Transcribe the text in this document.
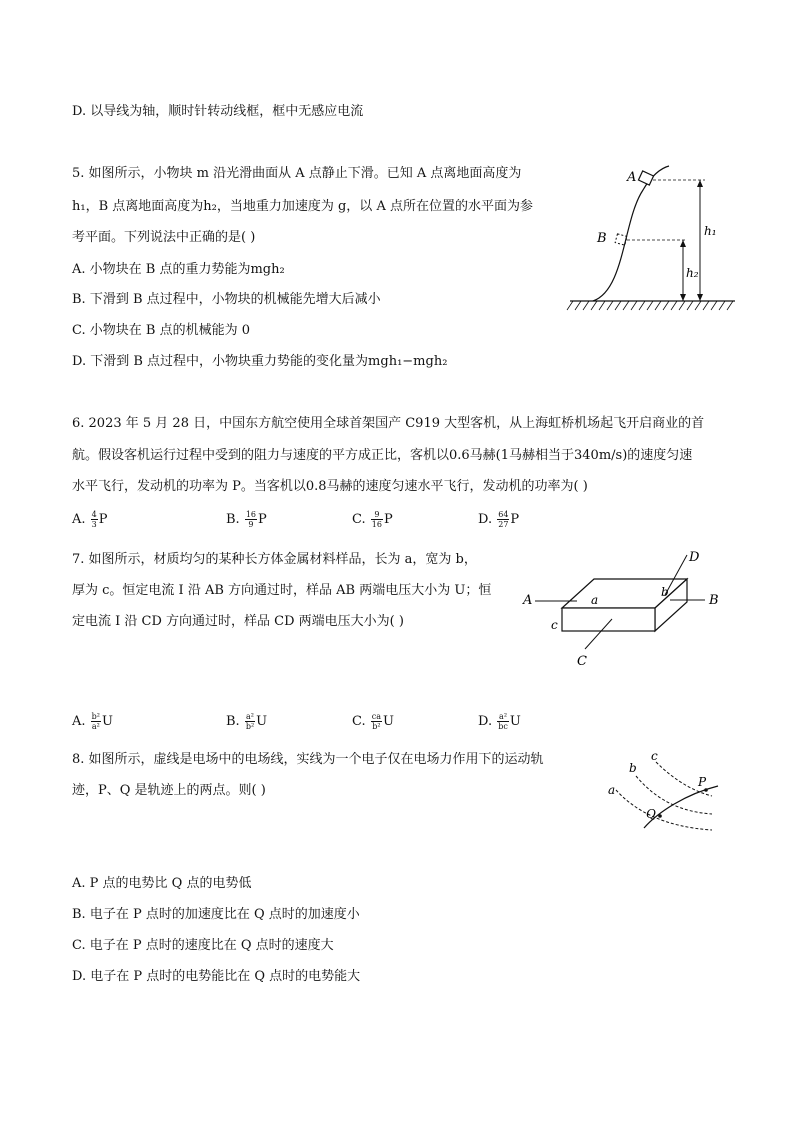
D. 以导线为轴，顺时针转动线框，框中无感应电流
5. 如图所示，小物块 m 沿光滑曲面从 A 点静止下滑。已知 A 点离地面高度为
h₁，B 点离地面高度为h₂，当地重力加速度为 g，以 A 点所在位置的水平面为参
考平面。下列说法中正确的是( )
A. 小物块在 B 点的重力势能为mgh₂
B. 下滑到 B 点过程中，小物块的机械能先增大后减小
C. 小物块在 B 点的机械能为 0
D. 下滑到 B 点过程中，小物块重力势能的变化量为mgh₁−mgh₂
A
B	h₁
h₂
6. 2023 年 5 月 28 日，中国东方航空使用全球首架国产 C919 大型客机，从上海虹桥机场起飞开启商业的首
航。假设客机运行过程中受到的阻力与速度的平方成正比，客机以0.6马赫(1马赫相当于340m/s)的速度匀速
水平飞行，发动机的功率为 P。当客机以0.8马赫的速度匀速水平飞行，发动机的功率为( )
A. $\frac{4}{3}$ P	B. $\frac{16}{9}$ P	C. $\frac{9}{16}$ P	D. $\frac{64}{27}$ P
7. 如图所示，材质均匀的某种长方体金属材料样品，长为 a，宽为 b，
厚为 c。恒定电流 I 沿 AB 方向通过时，样品 AB 两端电压大小为 U；恒
定电流 I 沿 CD 方向通过时，样品 CD 两端电压大小为( )
A	B
C
D
a
b
c
A. $\frac{\text{b²}}{\text{a²}}$ U	B. $\frac{\text{a²}}{\text{b²}}$ U	C. $\frac{ca}{\text{b²}}$ U	D. $\frac{\text{a²}}{bc}$ U
8. 如图所示，虚线是电场中的电场线，实线为一个电子仅在电场力作用下的运动轨
迹，P、Q 是轨迹上的两点。则( )	a
b
c
P
Q
A. P 点的电势比 Q 点的电势低
B. 电子在 P 点时的加速度比在 Q 点时的加速度小
C. 电子在 P 点时的速度比在 Q 点时的速度大
D. 电子在 P 点时的电势能比在 Q 点时的电势能大
